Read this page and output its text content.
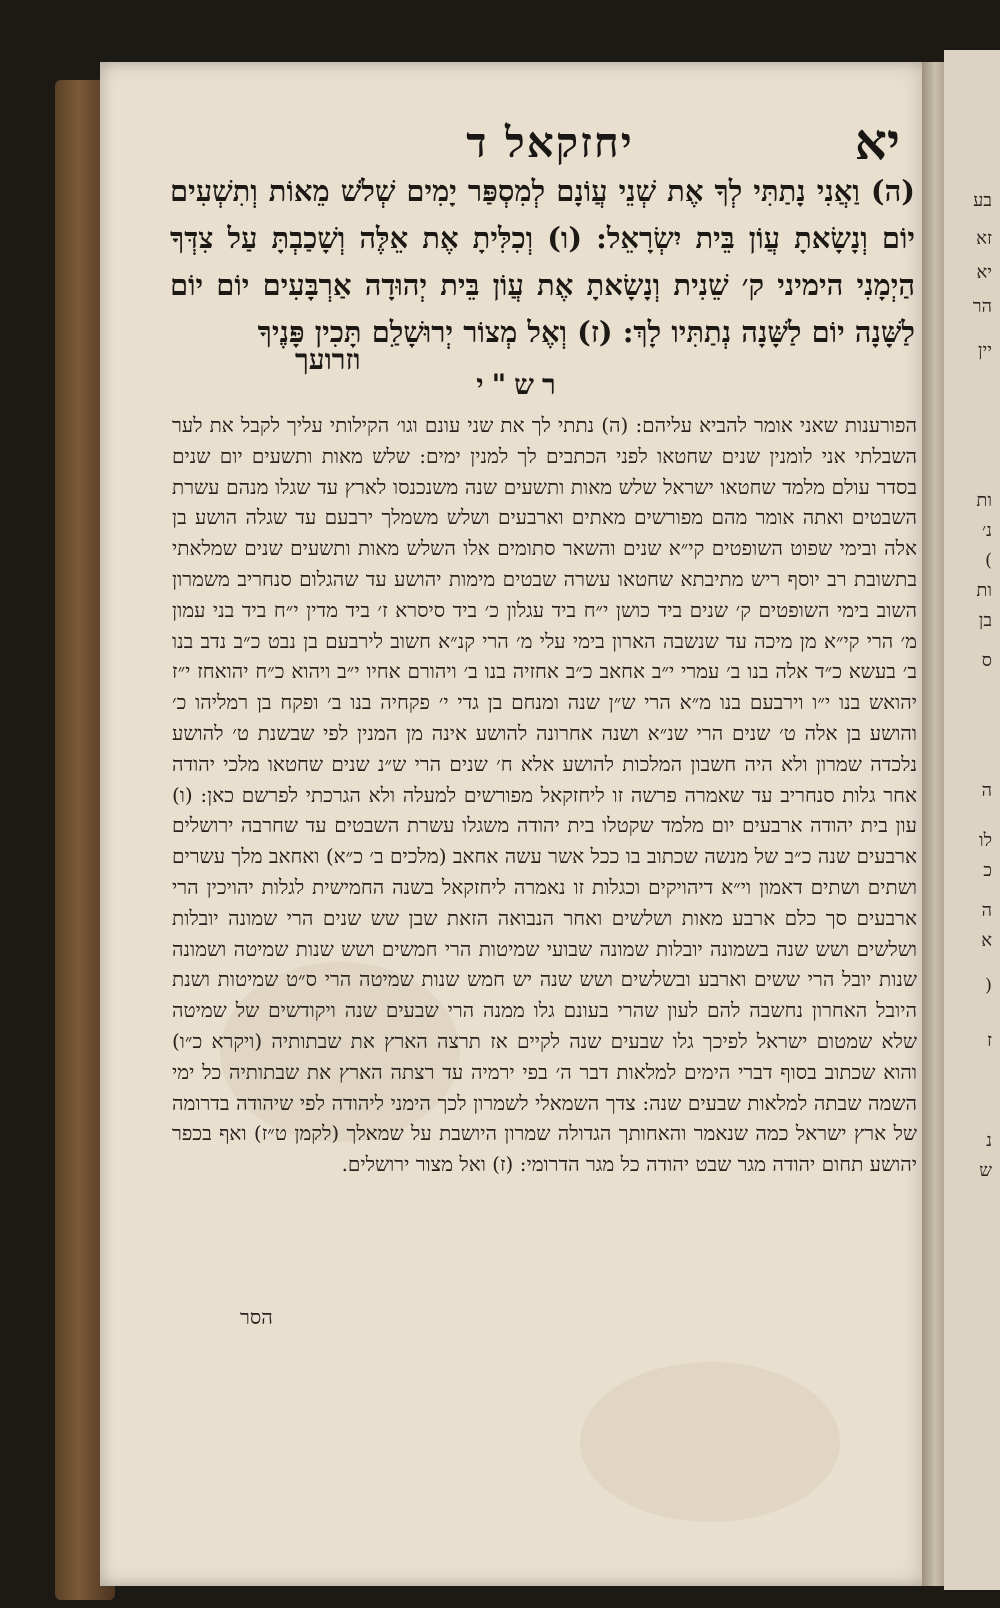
בע
זא
יא
הר
יין
ות
נ׳
)
ות
בן
ס
ה
לו
כ
ה
א
(
ז
נ
ש
יחזקאל ד	יא
(ה) וַאֲנִי נָתַתִּי לְךָ אֶת שְׁנֵי עֲוֹנָם לְמִסְפַּר יָמִים שְׁלֹשׁ מֵאוֹת וְתִשְׁעִים יוֹם וְנָשָׂאתָ עֲוֹן בֵּית יִשְׂרָאֵל: (ו) וְכִלִּיתָ אֶת אֵלֶּה וְשָׁכַבְתָּ עַל צִדְּךָ הַיְמָנִי הימיני ק׳ שֵׁנִית וְנָשָׂאתָ אֶת עֲוֹן בֵּית יְהוּדָה אַרְבָּעִים יוֹם יוֹם לַשָּׁנָה יוֹם לַשָּׁנָה נְתַתִּיו לָךְ: (ז) וְאֶל מְצוֹר יְרוּשָׁלִַם תָּכִין פָּנֶיךָ
וזרועך
רש"י
הפורענות שאני אומר להביא עליהם: (ה) נתתי לך את שני עונם וגו׳ הקילותי עליך לקבל את לער השבלתי אני לומנין שנים שחטאו לפני הכתבים לך למנין ימים: שלש מאות ותשעים יום שנים בסדר עולם מלמד שחטאו ישראל שלש מאות ותשעים שנה משנכנסו לארץ עד שגלו מנהם עשרת השבטים ואתה אומר מהם מפורשים מאתים וארבעים ושלש משמלך ירבעם עד שגלה הושע בן אלה ובימי שפוט השופטים קי״א שנים והשאר סתומים אלו השלש מאות ותשעים שנים שמלאתי בתשובת רב יוסף ריש מתיבתא שחטאו עשרה שבטים מימות יהושע עד שהגלום סנחריב משמרון השוב בימי השופטים ק׳ שנים ביד כושן י״ח ביד עגלון כ׳ ביד סיסרא ז׳ ביד מדין י״ח ביד בני עמון מ׳ הרי קי״א מן מיכה עד שנשבה הארון בימי עלי מ׳ הרי קנ״א חשוב לירבעם בן נבט כ״ב נדב בנו ב׳ בעשא כ״ד אלה בנו ב׳ עמרי י״ב אחאב כ״ב אחזיה בנו ב׳ ויהורם אחיו י״ב ויהוא כ״ח יהואחז י״ז יהואש בנו י״ו וירבעם בנו מ״א הרי ש״ן שנה ומנחם בן גדי י׳ פקחיה בנו ב׳ ופקח בן רמליהו כ׳ והושע בן אלה ט׳ שנים הרי שנ״א ושנה אחרונה להושע אינה מן המנין לפי שבשנת ט׳ להושע נלכדה שמרון ולא היה חשבון המלכות להושע אלא ח׳ שנים הרי ש״נ שנים שחטאו מלכי יהודה אחר גלות סנחריב עד שאמרה פרשה זו ליחזקאל מפורשים למעלה ולא הגרכתי לפרשם כאן: (ו) עון בית יהודה ארבעים יום מלמד שקטלו בית יהודה משגלו עשרת השבטים עד שחרבה ירושלים ארבעים שנה כ״ב של מנשה שכתוב בו ככל אשר עשה אחאב (מלכים ב׳ כ״א) ואחאב מלך עשרים ושתים ושתים דאמון וי״א דיהויקים וכגלות זו נאמרה ליחזקאל בשנה החמישית לגלות יהויכין הרי ארבעים סך כלם ארבע מאות ושלשים ואחר הנבואה הזאת שבן שש שנים הרי שמונה יובלות ושלשים ושש שנה בשמונה יובלות שמונה שבועי שמיטות הרי חמשים ושש שנות שמיטה ושמונה שנות יובל הרי ששים וארבע ובשלשים ושש שנה יש חמש שנות שמיטה הרי ס״ט שמיטות ושנת היובל האחרון נחשבה להם לעון שהרי בעונם גלו ממנה הרי שבעים שנה ויקודשים של שמיטה שלא שמטום ישראל לפיכך גלו שבעים שנה לקיים אז תרצה הארץ את שבתותיה (ויקרא כ״ו) והוא שכתוב בסוף דברי הימים למלאות דבר ה׳ בפי ירמיה עד רצתה הארץ את שבתותיה כל ימי השמה שבתה למלאות שבעים שנה: צדך השמאלי לשמרון לכך הימני ליהודה לפי שיהודה בדרומה של ארץ ישראל כמה שנאמר והאחותך הגדולה שמרון היושבת על שמאלך (לקמן ט״ז) ואף בכפר יהושע תחום יהודה מגר שבט יהודה כל מגר הדרומי: (ז) ואל מצור ירושלים.
הסר
